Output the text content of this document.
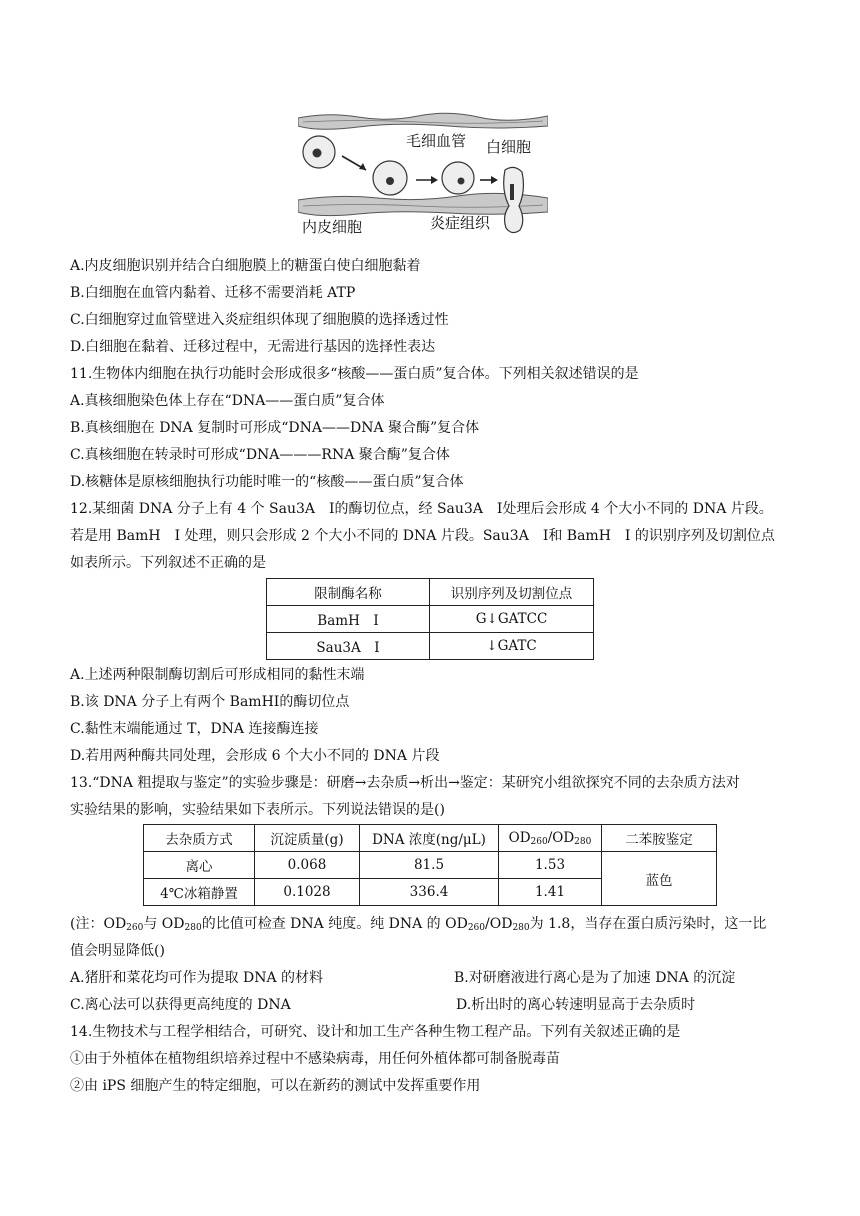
毛细血管 白细胞
内皮细胞	炎症组织
A.内皮细胞识别并结合白细胞膜上的糖蛋白使白细胞黏着
B.白细胞在血管内黏着、迁移不需要消耗 ATP
C.白细胞穿过血管壁进入炎症组织体现了细胞膜的选择透过性
D.白细胞在黏着、迁移过程中，无需进行基因的选择性表达
11.生物体内细胞在执行功能时会形成很多“核酸——蛋白质”复合体。下列相关叙述错误的是
A.真核细胞染色体上存在“DNA——蛋白质”复合体
B.真核细胞在 DNA 复制时可形成“DNA——DNA 聚合酶”复合体
C.真核细胞在转录时可形成“DNA———RNA 聚合酶”复合体
D.核糖体是原核细胞执行功能时唯一的“核酸——蛋白质”复合体
12.某细菌 DNA 分子上有 4 个 Sau3A　I的酶切位点，经 Sau3A　I处理后会形成 4 个大小不同的 DNA 片段。
若是用 BamH　I 处理，则只会形成 2 个大小不同的 DNA 片段。Sau3A　I和 BamH　I 的识别序列及切割位点
如表所示。下列叙述不正确的是
限制酶名称	识别序列及切割位点
BamH　I	G↓GATCC
Sau3A　I	↓GATC
A.上述两种限制酶切割后可形成相同的黏性末端
B.该 DNA 分子上有两个 BamHI的酶切位点
C.黏性末端能通过 T，DNA 连接酶连接
D.若用两种酶共同处理，会形成 6 个大小不同的 DNA 片段
13.“DNA 粗提取与鉴定”的实验步骤是：研磨→去杂质→析出→鉴定：某研究小组欲探究不同的去杂质方法对
实验结果的影响，实验结果如下表所示。下列说法错误的是()
去杂质方式	沉淀质量(g)	DNA 浓度(ng/μL)	$OD_{260}/OD_{280}$	二苯胺鉴定
离心	0.068	81.5	1.53	蓝色
4℃冰箱静置	0.1028	336.4	1.41	
(注：$OD_{260}$与 $OD_{280}$的比值可检查 DNA 纯度。纯 DNA 的 $OD_{260}/OD_{280}$为 1.8，当存在蛋白质污染时，这一比
值会明显降低()
A.猪肝和菜花均可作为提取 DNA 的材料	B.对研磨液进行离心是为了加速 DNA 的沉淀
C.离心法可以获得更高纯度的 DNA	D.析出时的离心转速明显高于去杂质时
14.生物技术与工程学相结合，可研究、设计和加工生产各种生物工程产品。下列有关叙述正确的是
①由于外植体在植物组织培养过程中不感染病毒，用任何外植体都可制备脱毒苗
②由 iPS 细胞产生的特定细胞，可以在新药的测试中发挥重要作用
